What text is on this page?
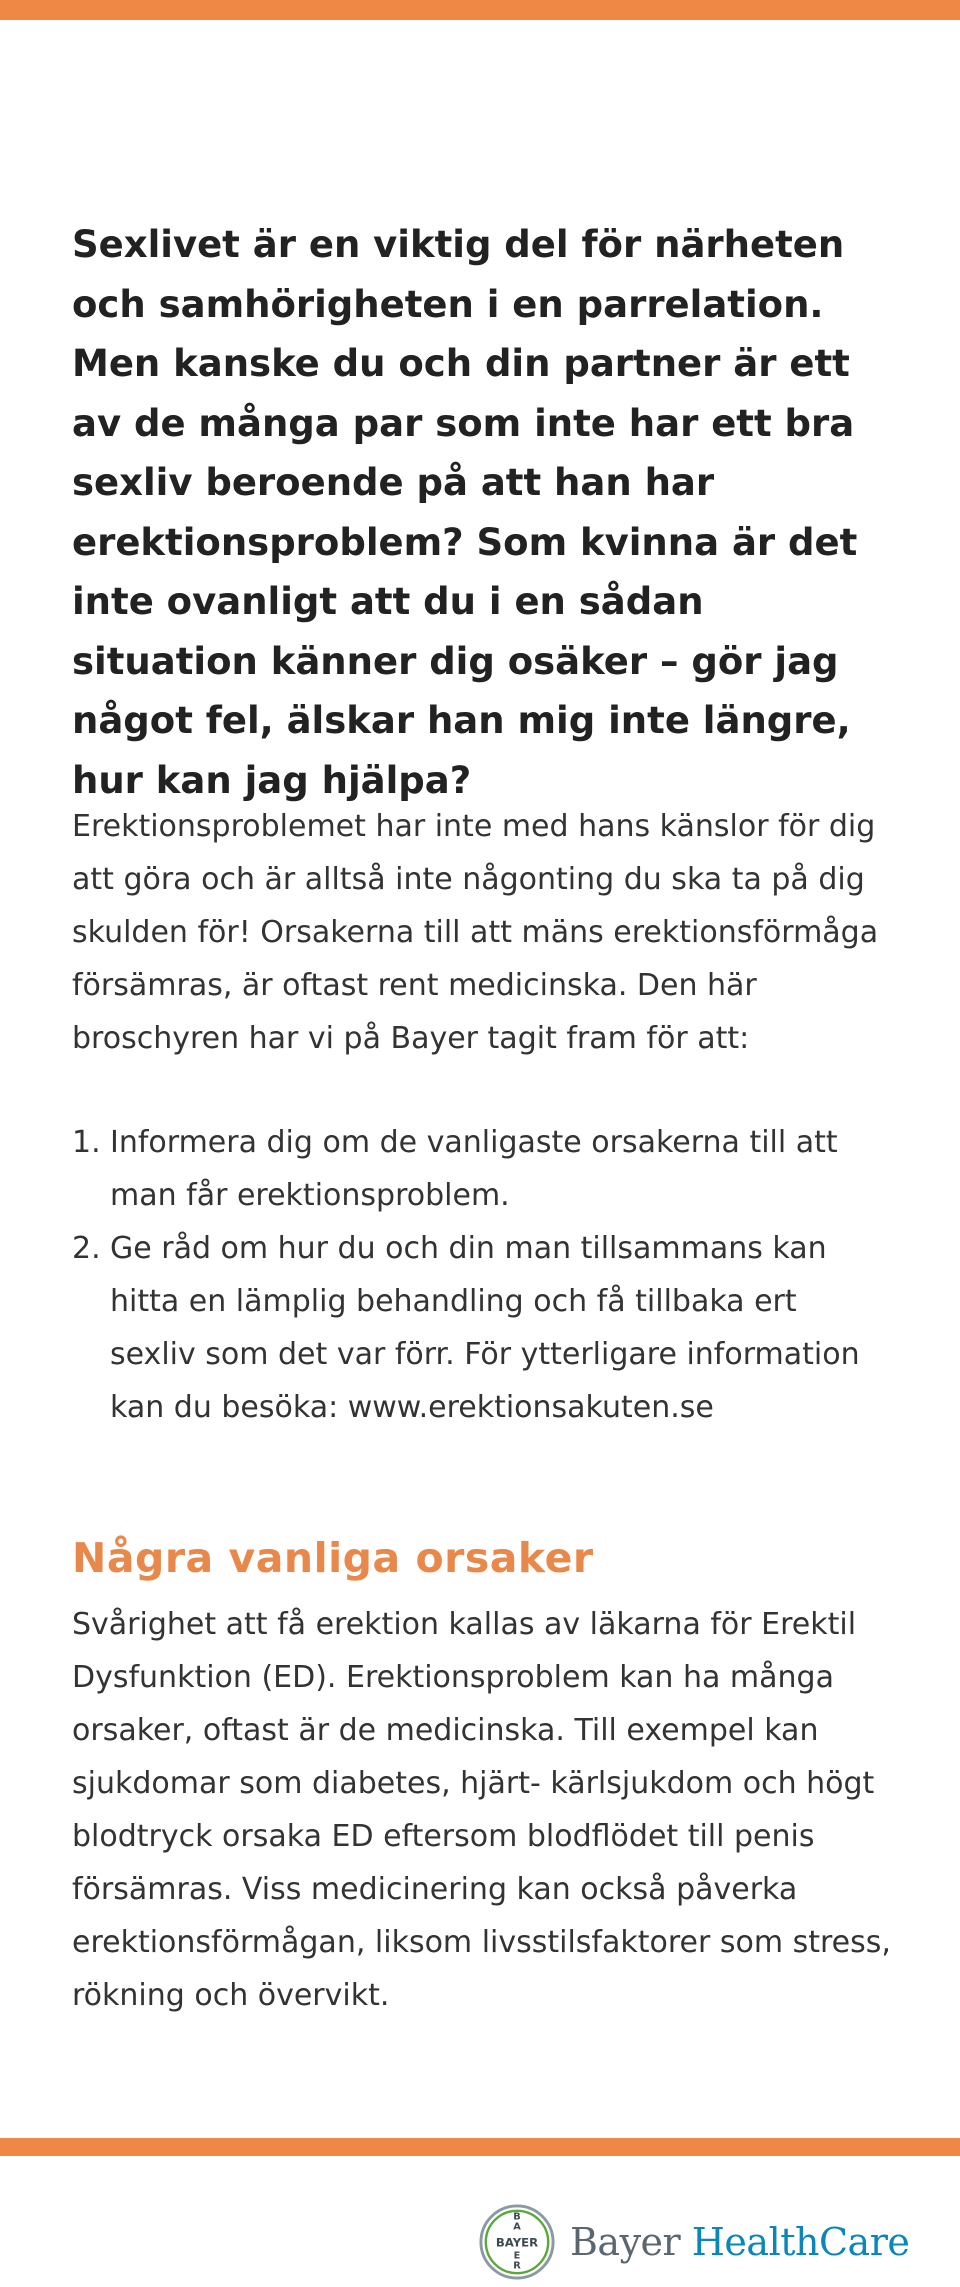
Sexlivet är en viktig del för närheten och samhörigheten i en parrelation. Men kanske du och din partner är ett av de många par som inte har ett bra sexliv beroende på att han har erektionsproblem? Som kvinna är det inte ovanligt att du i en sådan situation känner dig osäker – gör jag något fel, älskar han mig inte längre, hur kan jag hjälpa?

Erektionsproblemet har inte med hans känslor för dig att göra och är alltså inte någonting du ska ta på dig skulden för! Orsakerna till att mäns erektionsförmåga försämras, är oftast rent medicinska. Den här broschyren har vi på Bayer tagit fram för att:

1. Informera dig om de vanligaste orsakerna till att man får erektionsproblem.
2. Ge råd om hur du och din man tillsammans kan hitta en lämplig behandling och få tillbaka ert sexliv som det var förr. För ytterligare information kan du besöka: www.erektionsakuten.se
Några vanliga orsaker

Svårighet att få erektion kallas av läkarna för Erektil Dysfunktion (ED). Erektionsproblem kan ha många orsaker, oftast är de medicinska. Till exempel kan sjukdomar som diabetes, hjärt- kärlsjukdom och högt blodtryck orsaka ED eftersom blodflödet till penis försämras. Viss medicinering kan också påverka erektionsförmågan, liksom livsstilsfaktorer som stress, rökning och övervikt.

BAYER
B
A
E
R
Bayer HealthCare
